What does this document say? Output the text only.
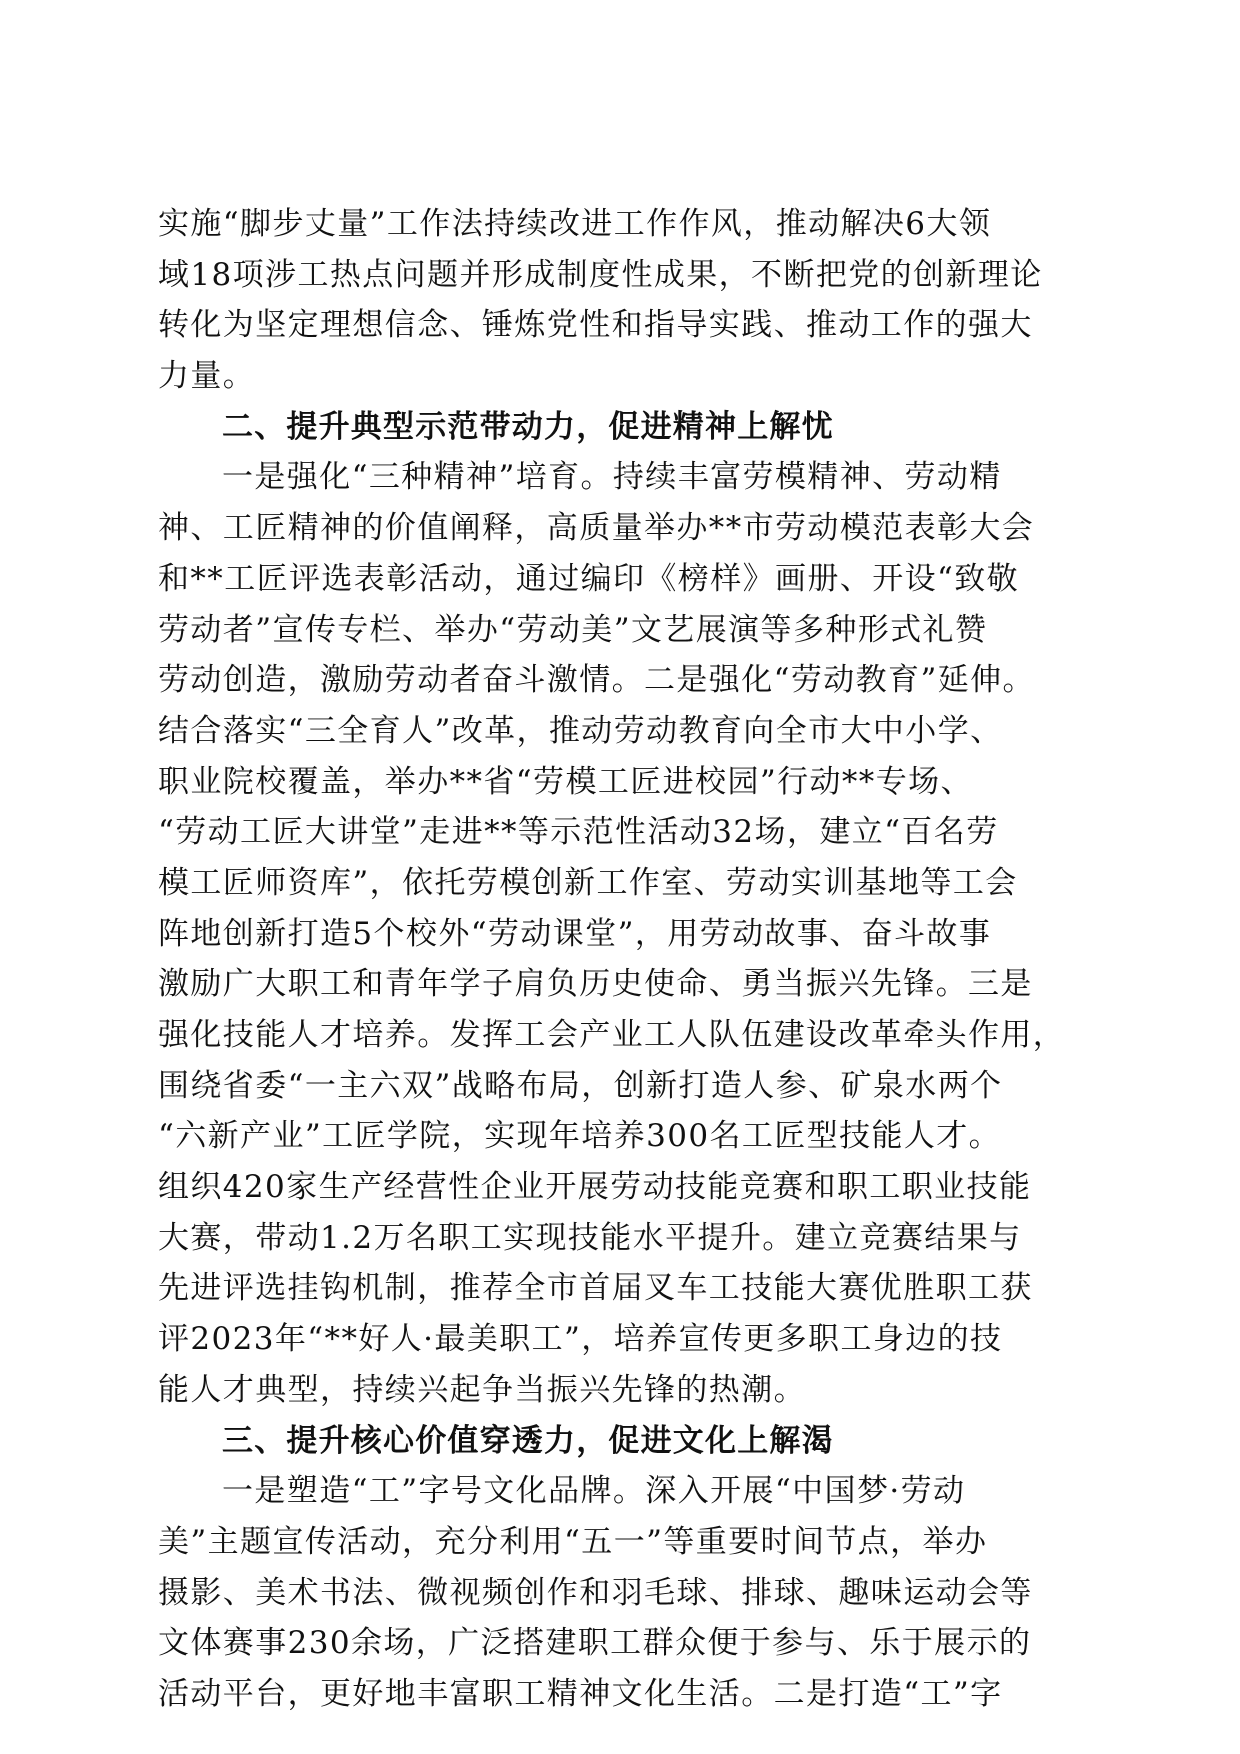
实施“脚步丈量”工作法持续改进工作作风，推动解决6大领
域18项涉工热点问题并形成制度性成果，不断把党的创新理论
转化为坚定理想信念、锤炼党性和指导实践、推动工作的强大
力量。
二、提升典型示范带动力，促进精神上解忧
一是强化“三种精神”培育。持续丰富劳模精神、劳动精
神、工匠精神的价值阐释，高质量举办**市劳动模范表彰大会
和**工匠评选表彰活动，通过编印《榜样》画册、开设“致敬
劳动者”宣传专栏、举办“劳动美”文艺展演等多种形式礼赞
劳动创造，激励劳动者奋斗激情。二是强化“劳动教育”延伸。
结合落实“三全育人”改革，推动劳动教育向全市大中小学、
职业院校覆盖，举办**省“劳模工匠进校园”行动**专场、
“劳动工匠大讲堂”走进**等示范性活动32场，建立“百名劳
模工匠师资库”，依托劳模创新工作室、劳动实训基地等工会
阵地创新打造5个校外“劳动课堂”，用劳动故事、奋斗故事
激励广大职工和青年学子肩负历史使命、勇当振兴先锋。三是
强化技能人才培养。发挥工会产业工人队伍建设改革牵头作用，
围绕省委“一主六双”战略布局，创新打造人参、矿泉水两个
“六新产业”工匠学院，实现年培养300名工匠型技能人才。
组织420家生产经营性企业开展劳动技能竞赛和职工职业技能
大赛，带动1.2万名职工实现技能水平提升。建立竞赛结果与
先进评选挂钩机制，推荐全市首届叉车工技能大赛优胜职工获
评2023年“**好人·最美职工”，培养宣传更多职工身边的技
能人才典型，持续兴起争当振兴先锋的热潮。
三、提升核心价值穿透力，促进文化上解渴
一是塑造“工”字号文化品牌。深入开展“中国梦·劳动
美”主题宣传活动，充分利用“五一”等重要时间节点，举办
摄影、美术书法、微视频创作和羽毛球、排球、趣味运动会等
文体赛事230余场，广泛搭建职工群众便于参与、乐于展示的
活动平台，更好地丰富职工精神文化生活。二是打造“工”字
